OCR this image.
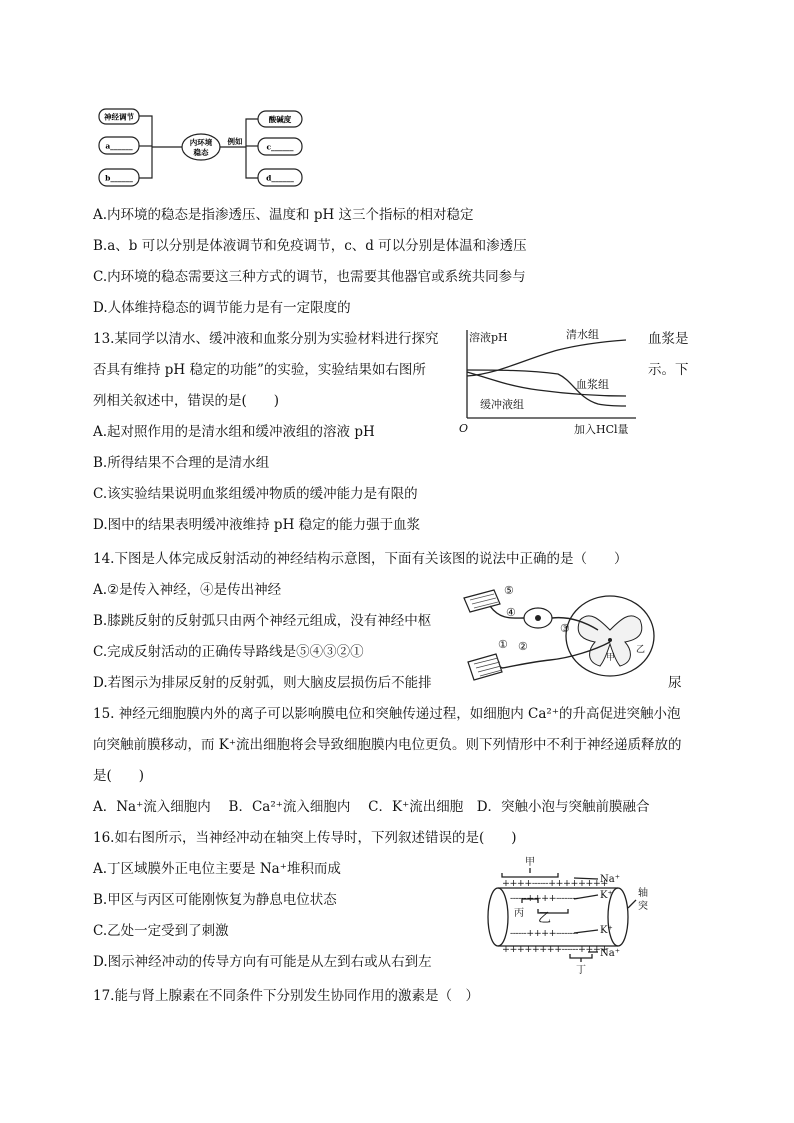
神经调节
a______
b______
内环境
稳态
例如
酸碱度
c______
d______
A.内环境的稳态是指渗透压、温度和 pH 这三个指标的相对稳定
B.a、b 可以分别是体液调节和免疫调节，c、d 可以分别是体温和渗透压
C.内环境的稳态需要这三种方式的调节，也需要其他器官或系统共同参与
D.人体维持稳态的调节能力是有一定限度的
13.某同学以清水、缓冲液和血浆分别为实验材料进行探究	血浆是
否具有维持 pH 稳定的功能”的实验，实验结果如右图所	示。下
列相关叙述中，错误的是(　　)
A.起对照作用的是清水组和缓冲液组的溶液 pH
B.所得结果不合理的是清水组
C.该实验结果说明血浆组缓冲物质的缓冲能力是有限的
D.图中的结果表明缓冲液维持 pH 稳定的能力强于血浆
溶液pH	清水组
血浆组
缓冲液组
O	加入HCl量
14.下图是人体完成反射活动的神经结构示意图，下面有关该图的说法中正确的是（　　）
A.②是传入神经，④是传出神经
B.膝跳反射的反射弧只由两个神经元组成，没有神经中枢
C.完成反射活动的正确传导路线是⑤④③②①
D.若图示为排尿反射的反射弧，则大脑皮层损伤后不能排	尿
⑤
④
③
②
①
甲
乙
15. 神经元细胞膜内外的离子可以影响膜电位和突触传递过程，如细胞内 Ca²⁺的升高促进突触小泡
向突触前膜移动，而 K⁺流出细胞将会导致细胞膜内电位更负。则下列情形中不利于神经递质释放的
是(　　)
A．Na⁺流入细胞内　 B．Ca²⁺流入细胞内　 C．K⁺流出细胞　D．突触小泡与突触前膜融合
16.如右图所示，当神经冲动在轴突上传导时，下列叙述错误的是(　　)
A.丁区域膜外正电位主要是 Na⁺堆积而成
B.甲区与丙区可能刚恢复为静息电位状态
C.乙处一定受到了刺激
D.图示神经冲动的传导方向有可能是从左到右或从右到左
++++------++++++++
------++++--------
------++++--------
++++++++------++++
甲
乙
丙
丁
Na⁺
K⁺
K⁺
Na⁺
轴
突
17.能与肾上腺素在不同条件下分别发生协同作用的激素是（　）
